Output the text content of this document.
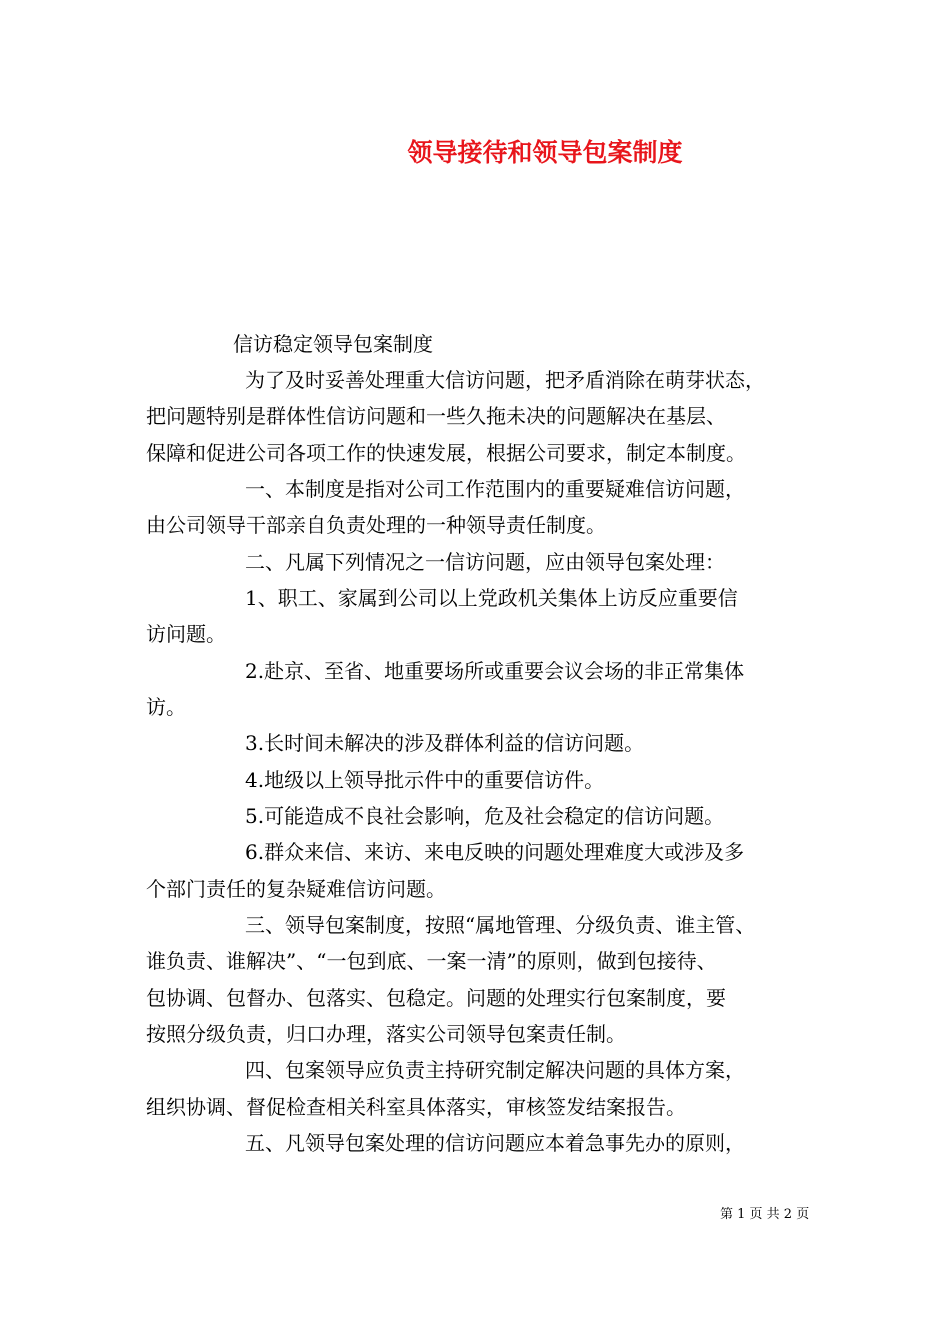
领导接待和领导包案制度
信访稳定领导包案制度
为了及时妥善处理重大信访问题，把矛盾消除在萌芽状态，
把问题特别是群体性信访问题和一些久拖未决的问题解决在基层、
保障和促进公司各项工作的快速发展，根据公司要求，制定本制度。
一、本制度是指对公司工作范围内的重要疑难信访问题，
由公司领导干部亲自负责处理的一种领导责任制度。
二、凡属下列情况之一信访问题，应由领导包案处理：
1、职工、家属到公司以上党政机关集体上访反应重要信
访问题。
2.赴京、至省、地重要场所或重要会议会场的非正常集体
访。
3.长时间未解决的涉及群体利益的信访问题。
4.地级以上领导批示件中的重要信访件。
5.可能造成不良社会影响，危及社会稳定的信访问题。
6.群众来信、来访、来电反映的问题处理难度大或涉及多
个部门责任的复杂疑难信访问题。
三、领导包案制度，按照“属地管理、分级负责、谁主管、
谁负责、谁解决”、“一包到底、一案一清”的原则，做到包接待、
包协调、包督办、包落实、包稳定。问题的处理实行包案制度，要
按照分级负责，归口办理，落实公司领导包案责任制。
四、包案领导应负责主持研究制定解决问题的具体方案，
组织协调、督促检查相关科室具体落实，审核签发结案报告。
五、凡领导包案处理的信访问题应本着急事先办的原则，
第 1 页 共 2 页
